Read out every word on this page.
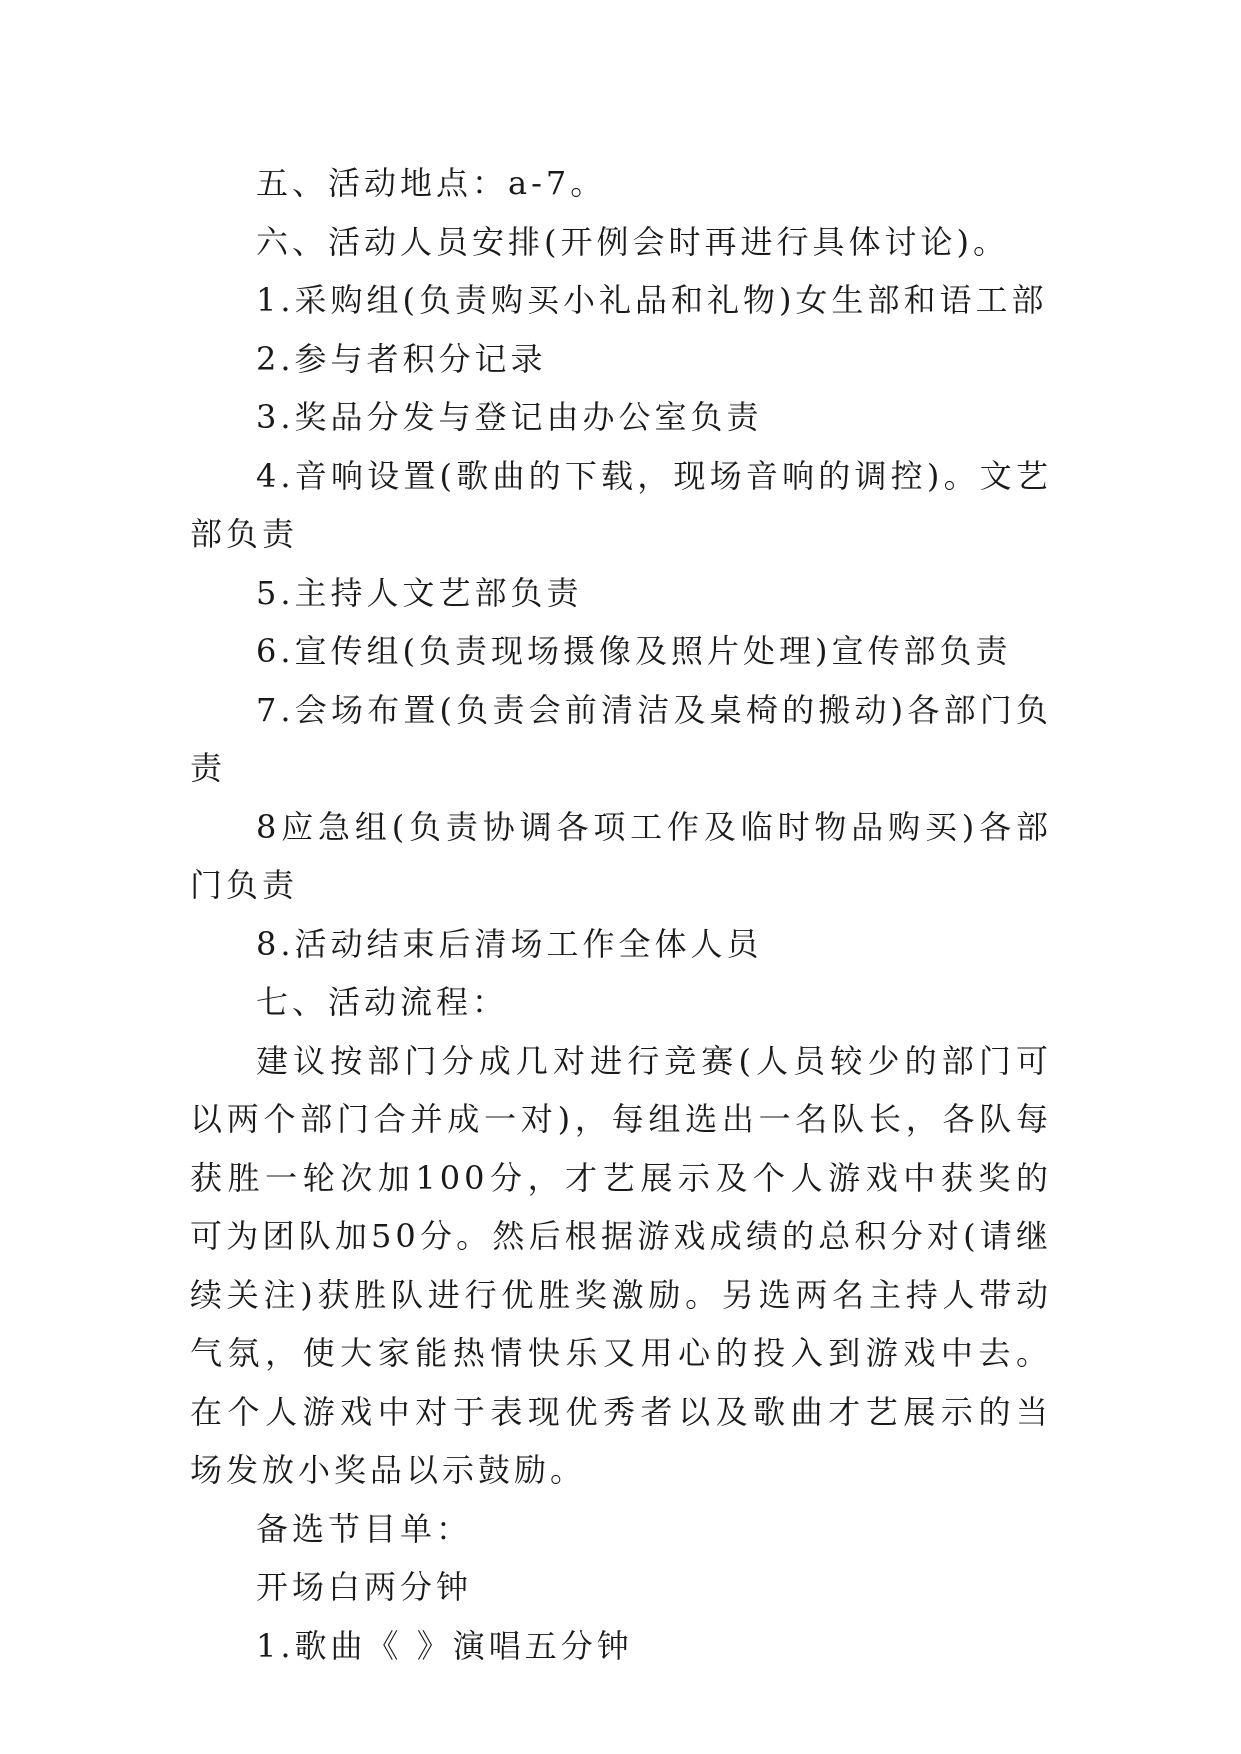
五、活动地点：a-7。

六、活动人员安排(开例会时再进行具体讨论)。

1.采购组(负责购买小礼品和礼物)女生部和语工部

2.参与者积分记录

3.奖品分发与登记由办公室负责

4.音响设置(歌曲的下载，现场音响的调控)。文艺部负责

5.主持人文艺部负责

6.宣传组(负责现场摄像及照片处理)宣传部负责

7.会场布置(负责会前清洁及桌椅的搬动)各部门负责

8应急组(负责协调各项工作及临时物品购买)各部门负责

8.活动结束后清场工作全体人员

七、活动流程：

建议按部门分成几对进行竞赛(人员较少的部门可以两个部门合并成一对)，每组选出一名队长，各队每获胜一轮次加100分，才艺展示及个人游戏中获奖的可为团队加50分。然后根据游戏成绩的总积分对(请继续关注)获胜队进行优胜奖激励。另选两名主持人带动气氛，使大家能热情快乐又用心的投入到游戏中去。在个人游戏中对于表现优秀者以及歌曲才艺展示的当场发放小奖品以示鼓励。

备选节目单：

开场白两分钟

1.歌曲《 》演唱五分钟
